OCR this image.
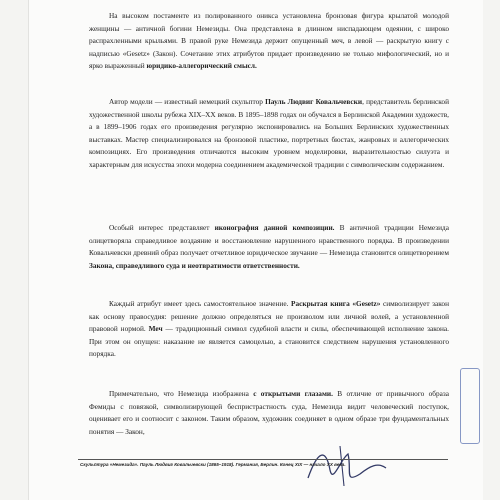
На высоком постаменте из полированного оникса установлена бронзовая фигура крылатой молодой женщины — античной богини Немезиды. Она представлена в длинном ниспадающем одеянии, с широко распрахленными крыльями. В правой руке Немезида держит опущенный меч, в левой — раскрытую книгу с надписью «Gesetz» (Закон). Сочетание этих атрибутов придает произведению не только мифологический, но и ярко выраженный юридико-аллегорический смысл.

Автор модели — известный немецкий скульптор Пауль Людвиг Ковальчевски, представитель берлинской художественной школы рубежа XIX–XX веков. В 1895–1898 годах он обучался в Берлинской Академии художеств, а в 1899–1906 годах его произведения регулярно экспонировались на Больших Берлинских художественных выставках. Мастер специализировался на бронзовой пластике, портретных бюстах, жанровых и аллегорических композициях. Его произведения отличаются высоким уровнем моделировки, выразительностью силуэта и характерным для искусства эпохи модерна соединением академической традиции с символическим содержанием.

Особый интерес представляет иконография данной композиции. В античной традиции Немезида олицетворяла справедливое воздаяние и восстановление нарушенного нравственного порядка. В произведении Ковальчевски древний образ получает отчетливое юридическое звучание — Немезида становится олицетворением Закона, справедливого суда и неотвратимости ответственности.

Каждый атрибут имеет здесь самостоятельное значение. Раскрытая книга «Gesetz» символизирует закон как основу правосудия: решение должно определяться не произволом или личной волей, а установленной правовой нормой. Меч — традиционный символ судебной власти и силы, обеспечивающей исполнение закона. При этом он опущен: наказание не является самоцелью, а становится следствием нарушения установленного порядка.

Примечательно, что Немезида изображена с открытыми глазами. В отличие от привычного образа Фемиды с повязкой, символизирующей беспристрастность суда, Немезида видит человеческий поступок, оценивает его и соотносит с законом. Таким образом, художник соединяет в одном образе три фундаментальных понятия — Закон,

Скульптура «Немезида». Пауль Людвиг Ковальчевски (1865–1918). Германия, Берлин. Конец XIX — начало XX века.
